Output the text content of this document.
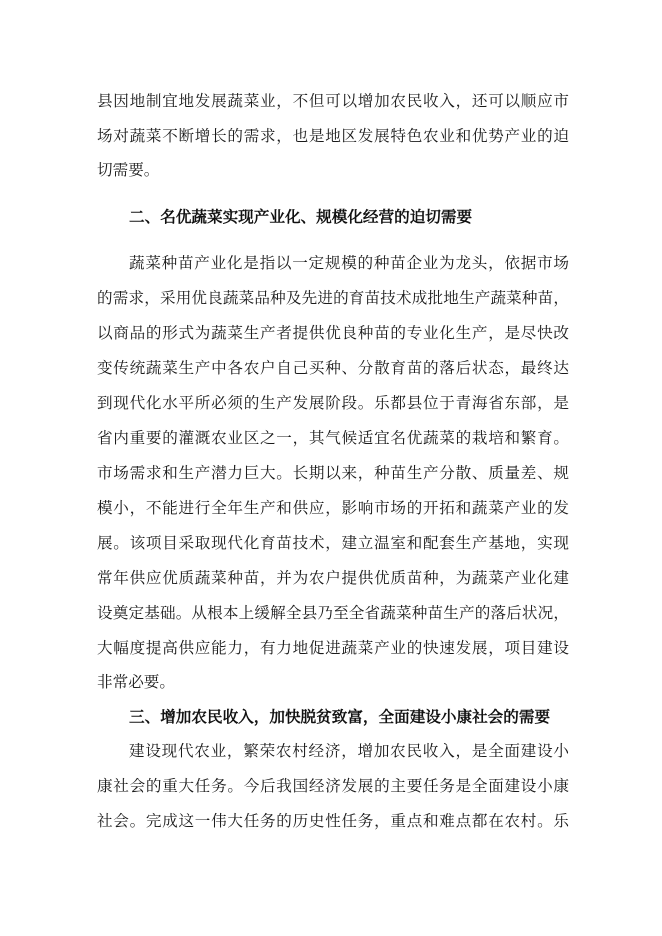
县因地制宜地发展蔬菜业，不但可以增加农民收入，还可以顺应市
场对蔬菜不断增长的需求，也是地区发展特色农业和优势产业的迫
切需要。
二、名优蔬菜实现产业化、规模化经营的迫切需要
蔬菜种苗产业化是指以一定规模的种苗企业为龙头，依据市场
的需求，采用优良蔬菜品种及先进的育苗技术成批地生产蔬菜种苗，
以商品的形式为蔬菜生产者提供优良种苗的专业化生产，是尽快改
变传统蔬菜生产中各农户自己买种、分散育苗的落后状态，最终达
到现代化水平所必须的生产发展阶段。乐都县位于青海省东部，是
省内重要的灌溉农业区之一，其气候适宜名优蔬菜的栽培和繁育。
市场需求和生产潜力巨大。长期以来，种苗生产分散、质量差、规
模小，不能进行全年生产和供应，影响市场的开拓和蔬菜产业的发
展。该项目采取现代化育苗技术，建立温室和配套生产基地，实现
常年供应优质蔬菜种苗，并为农户提供优质苗种，为蔬菜产业化建
设奠定基础。从根本上缓解全县乃至全省蔬菜种苗生产的落后状况，
大幅度提高供应能力，有力地促进蔬菜产业的快速发展，项目建设
非常必要。
三、增加农民收入，加快脱贫致富，全面建设小康社会的需要
建设现代农业，繁荣农村经济，增加农民收入，是全面建设小
康社会的重大任务。今后我国经济发展的主要任务是全面建设小康
社会。完成这一伟大任务的历史性任务，重点和难点都在农村。乐
